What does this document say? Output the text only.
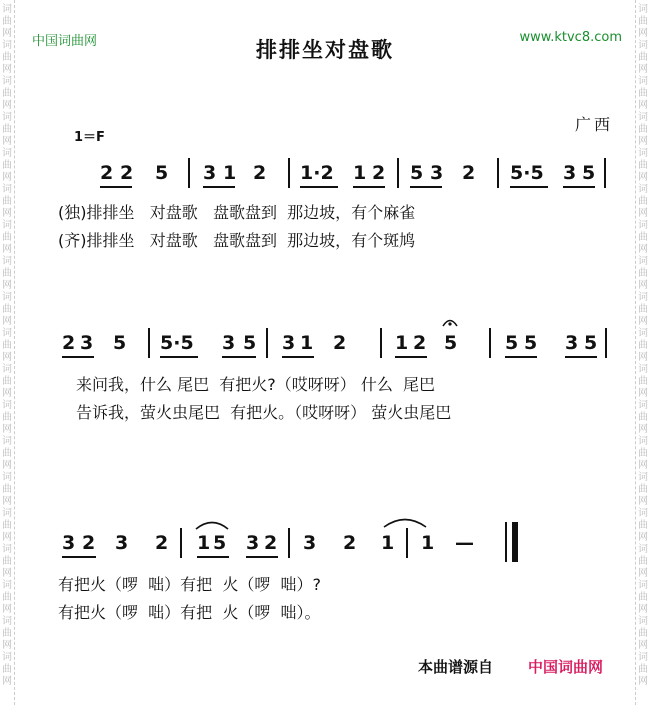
词
曲
网
词
曲
网
词
曲
网
词
曲
网
词
曲
网
词
曲
网
词
曲
网
词
曲
网
词
曲
网
词
曲
网
词
曲
网
词
曲
网
词
曲
网
词
曲
网
词
曲
网
词
曲
网
词
曲
网
词
曲
网
词
曲
网
词
曲
网
词
曲
网
词
曲
网
词
曲
网
词
曲
网
词
曲
网
词
曲
网
词
曲
网
词
曲
网
词
曲
网
词
曲
网
词
曲
网
词
曲
网
词
曲
网
词
曲
网
词
曲
网
词
曲
网
词
曲
网
词
曲
网
中国词曲网	www.ktvc8.com
排排坐对盘歌
1＝F
广西
2 2 5 3 1 2 1·2 1 2 5 3 2 5·5 3 5
(独)排排坐   对盘歌   盘歌盘到  那边坡，有个麻雀
(齐)排排坐   对盘歌   盘歌盘到  那边坡，有个斑鸠
2 3 5 5·5 3 5 3 1 2	1 2 5	5 5 3 5
来问我，什么 尾巴  有把火?（哎呀呀） 什么  尾巴
告诉我，萤火虫尾巴  有把火。（哎呀呀） 萤火虫尾巴
3 2 3 2 1 5 3 2 3 2 1 1 —
有把火（啰  咄）有把  火（啰  咄）?
有把火（啰  咄）有把  火（啰  咄）。
本曲谱源自 中国词曲网
